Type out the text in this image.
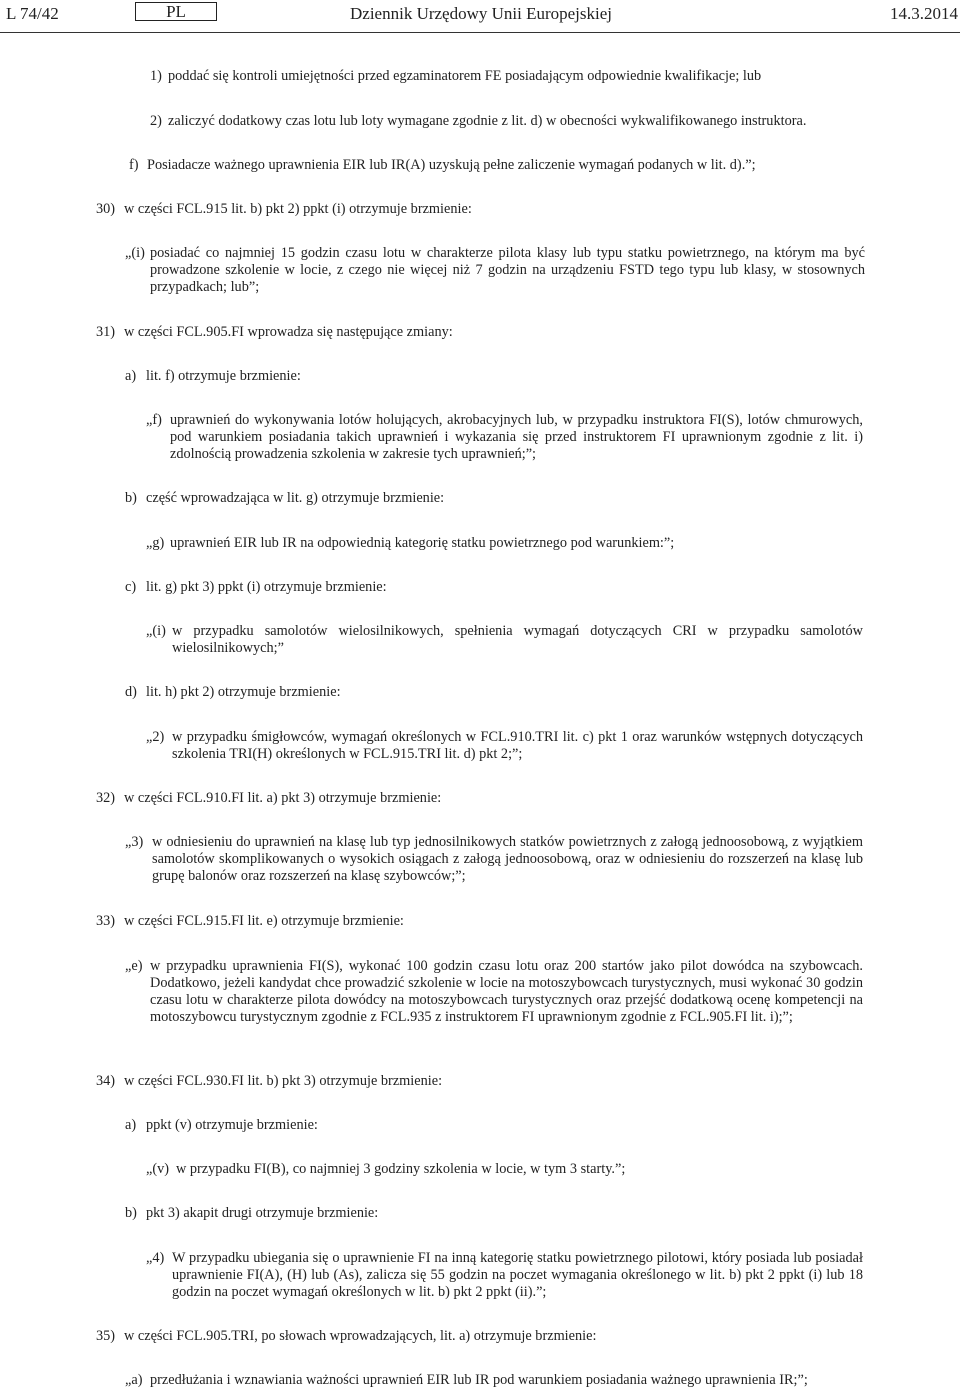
L 74/42	PL	Dziennik Urzędowy Unii Europejskiej	14.3.2014
1) poddać się kontroli umiejętności przed egzaminatorem FE posiadającym odpowiednie kwalifikacje; lub
2) zaliczyć dodatkowy czas lotu lub loty wymagane zgodnie z lit. d) w obecności wykwalifikowanego instruktora.
f) Posiadacze ważnego uprawnienia EIR lub IR(A) uzyskują pełne zaliczenie wymagań podanych w lit. d).”;
30) w części FCL.915 lit. b) pkt 2) ppkt (i) otrzymuje brzmienie:
„(i) posiadać co najmniej 15 godzin czasu lotu w charakterze pilota klasy lub typu statku powietrznego, na którym ma być prowadzone szkolenie w locie, z czego nie więcej niż 7 godzin na urządzeniu FSTD tego typu lub klasy, w stosownych przypadkach; lub”;
31) w części FCL.905.FI wprowadza się następujące zmiany:
a) lit. f) otrzymuje brzmienie:
„f) uprawnień do wykonywania lotów holujących, akrobacyjnych lub, w przypadku instruktora FI(S), lotów chmurowych, pod warunkiem posiadania takich uprawnień i wykazania się przed instruktorem FI uprawnionym zgodnie z lit. i) zdolnością prowadzenia szkolenia w zakresie tych uprawnień;”;
b) część wprowadzająca w lit. g) otrzymuje brzmienie:
„g) uprawnień EIR lub IR na odpowiednią kategorię statku powietrznego pod warunkiem:”;
c) lit. g) pkt 3) ppkt (i) otrzymuje brzmienie:
„(i) w przypadku samolotów wielosilnikowych, spełnienia wymagań dotyczących CRI w przypadku samolotów wielosilnikowych;”
d) lit. h) pkt 2) otrzymuje brzmienie:
„2) w przypadku śmigłowców, wymagań określonych w FCL.910.TRI lit. c) pkt 1 oraz warunków wstępnych dotyczących szkolenia TRI(H) określonych w FCL.915.TRI lit. d) pkt 2;”;
32) w części FCL.910.FI lit. a) pkt 3) otrzymuje brzmienie:
„3) w odniesieniu do uprawnień na klasę lub typ jednosilnikowych statków powietrznych z załogą jednoosobową, z wyjątkiem samolotów skomplikowanych o wysokich osiągach z załogą jednoosobową, oraz w odniesieniu do rozszerzeń na klasę lub grupę balonów oraz rozszerzeń na klasę szybowców;”;
33) w części FCL.915.FI lit. e) otrzymuje brzmienie:
„e) w przypadku uprawnienia FI(S), wykonać 100 godzin czasu lotu oraz 200 startów jako pilot dowódca na szybowcach. Dodatkowo, jeżeli kandydat chce prowadzić szkolenie w locie na motoszybowcach turystycznych, musi wykonać 30 godzin czasu lotu w charakterze pilota dowódcy na motoszybowcach turystycznych oraz przejść dodatkową ocenę kompetencji na motoszybowcu turystycznym zgodnie z FCL.935 z instruktorem FI uprawnionym zgodnie z FCL.905.FI lit. i);”;
34) w części FCL.930.FI lit. b) pkt 3) otrzymuje brzmienie:
a) ppkt (v) otrzymuje brzmienie:
„(v) w przypadku FI(B), co najmniej 3 godziny szkolenia w locie, w tym 3 starty.”;
b) pkt 3) akapit drugi otrzymuje brzmienie:
„4) W przypadku ubiegania się o uprawnienie FI na inną kategorię statku powietrznego pilotowi, który posiada lub posiadał uprawnienie FI(A), (H) lub (As), zalicza się 55 godzin na poczet wymagania określonego w lit. b) pkt 2 ppkt (i) lub 18 godzin na poczet wymagań określonych w lit. b) pkt 2 ppkt (ii).”;
35) w części FCL.905.TRI, po słowach wprowadzających, lit. a) otrzymuje brzmienie:
„a) przedłużania i wznawiania ważności uprawnień EIR lub IR pod warunkiem posiadania ważnego uprawnienia IR;”;
